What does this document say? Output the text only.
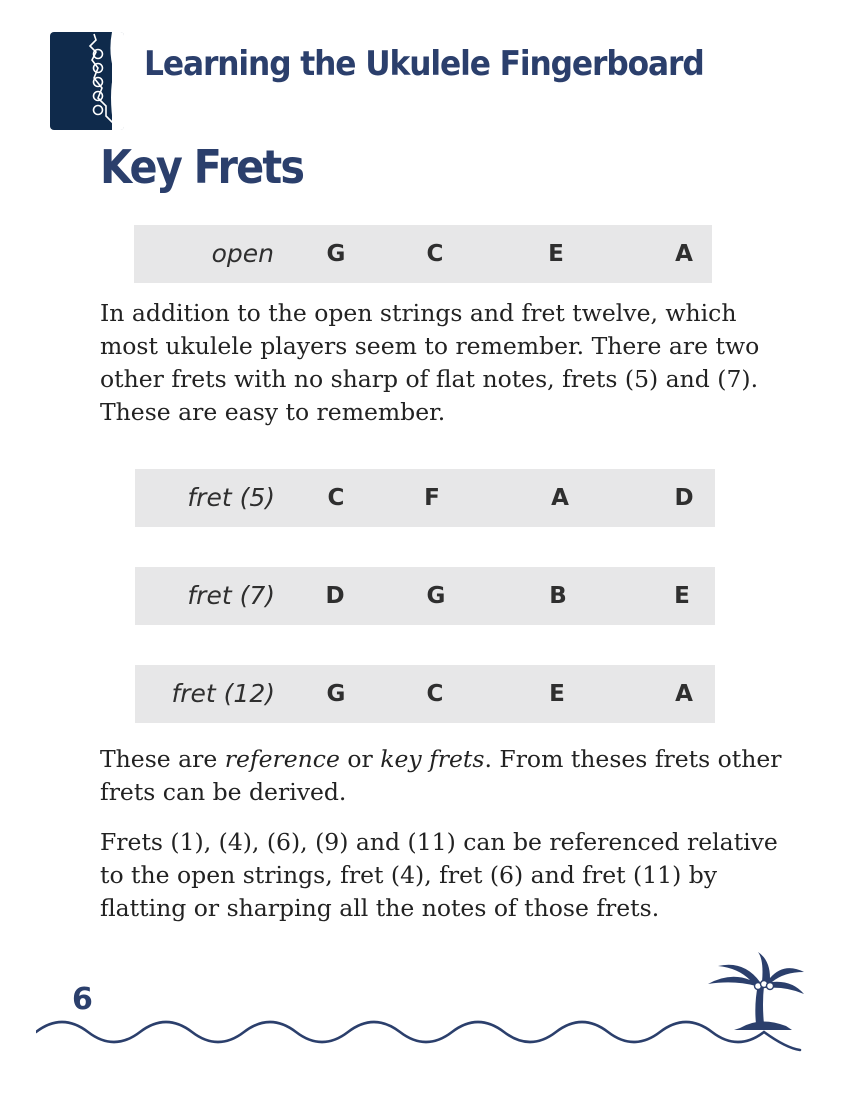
Learning the Ukulele Fingerboard
Key Frets
open	G	C	E	A

In addition to the open strings and fret twelve, which most ukulele players seem to remember. There are two other frets with no sharp of flat notes, frets (5) and (7). These are easy to remember.

fret (5)	C	F	A	D
fret (7)	D	G	B	E
fret (12)	G	C	E	A

These are reference or key frets. From theses frets other frets can be derived.

Frets (1), (4), (6), (9) and (11) can be referenced relative to the open strings, fret (4), fret (6) and fret (11) by flatting or sharping all the notes of those frets.

6
